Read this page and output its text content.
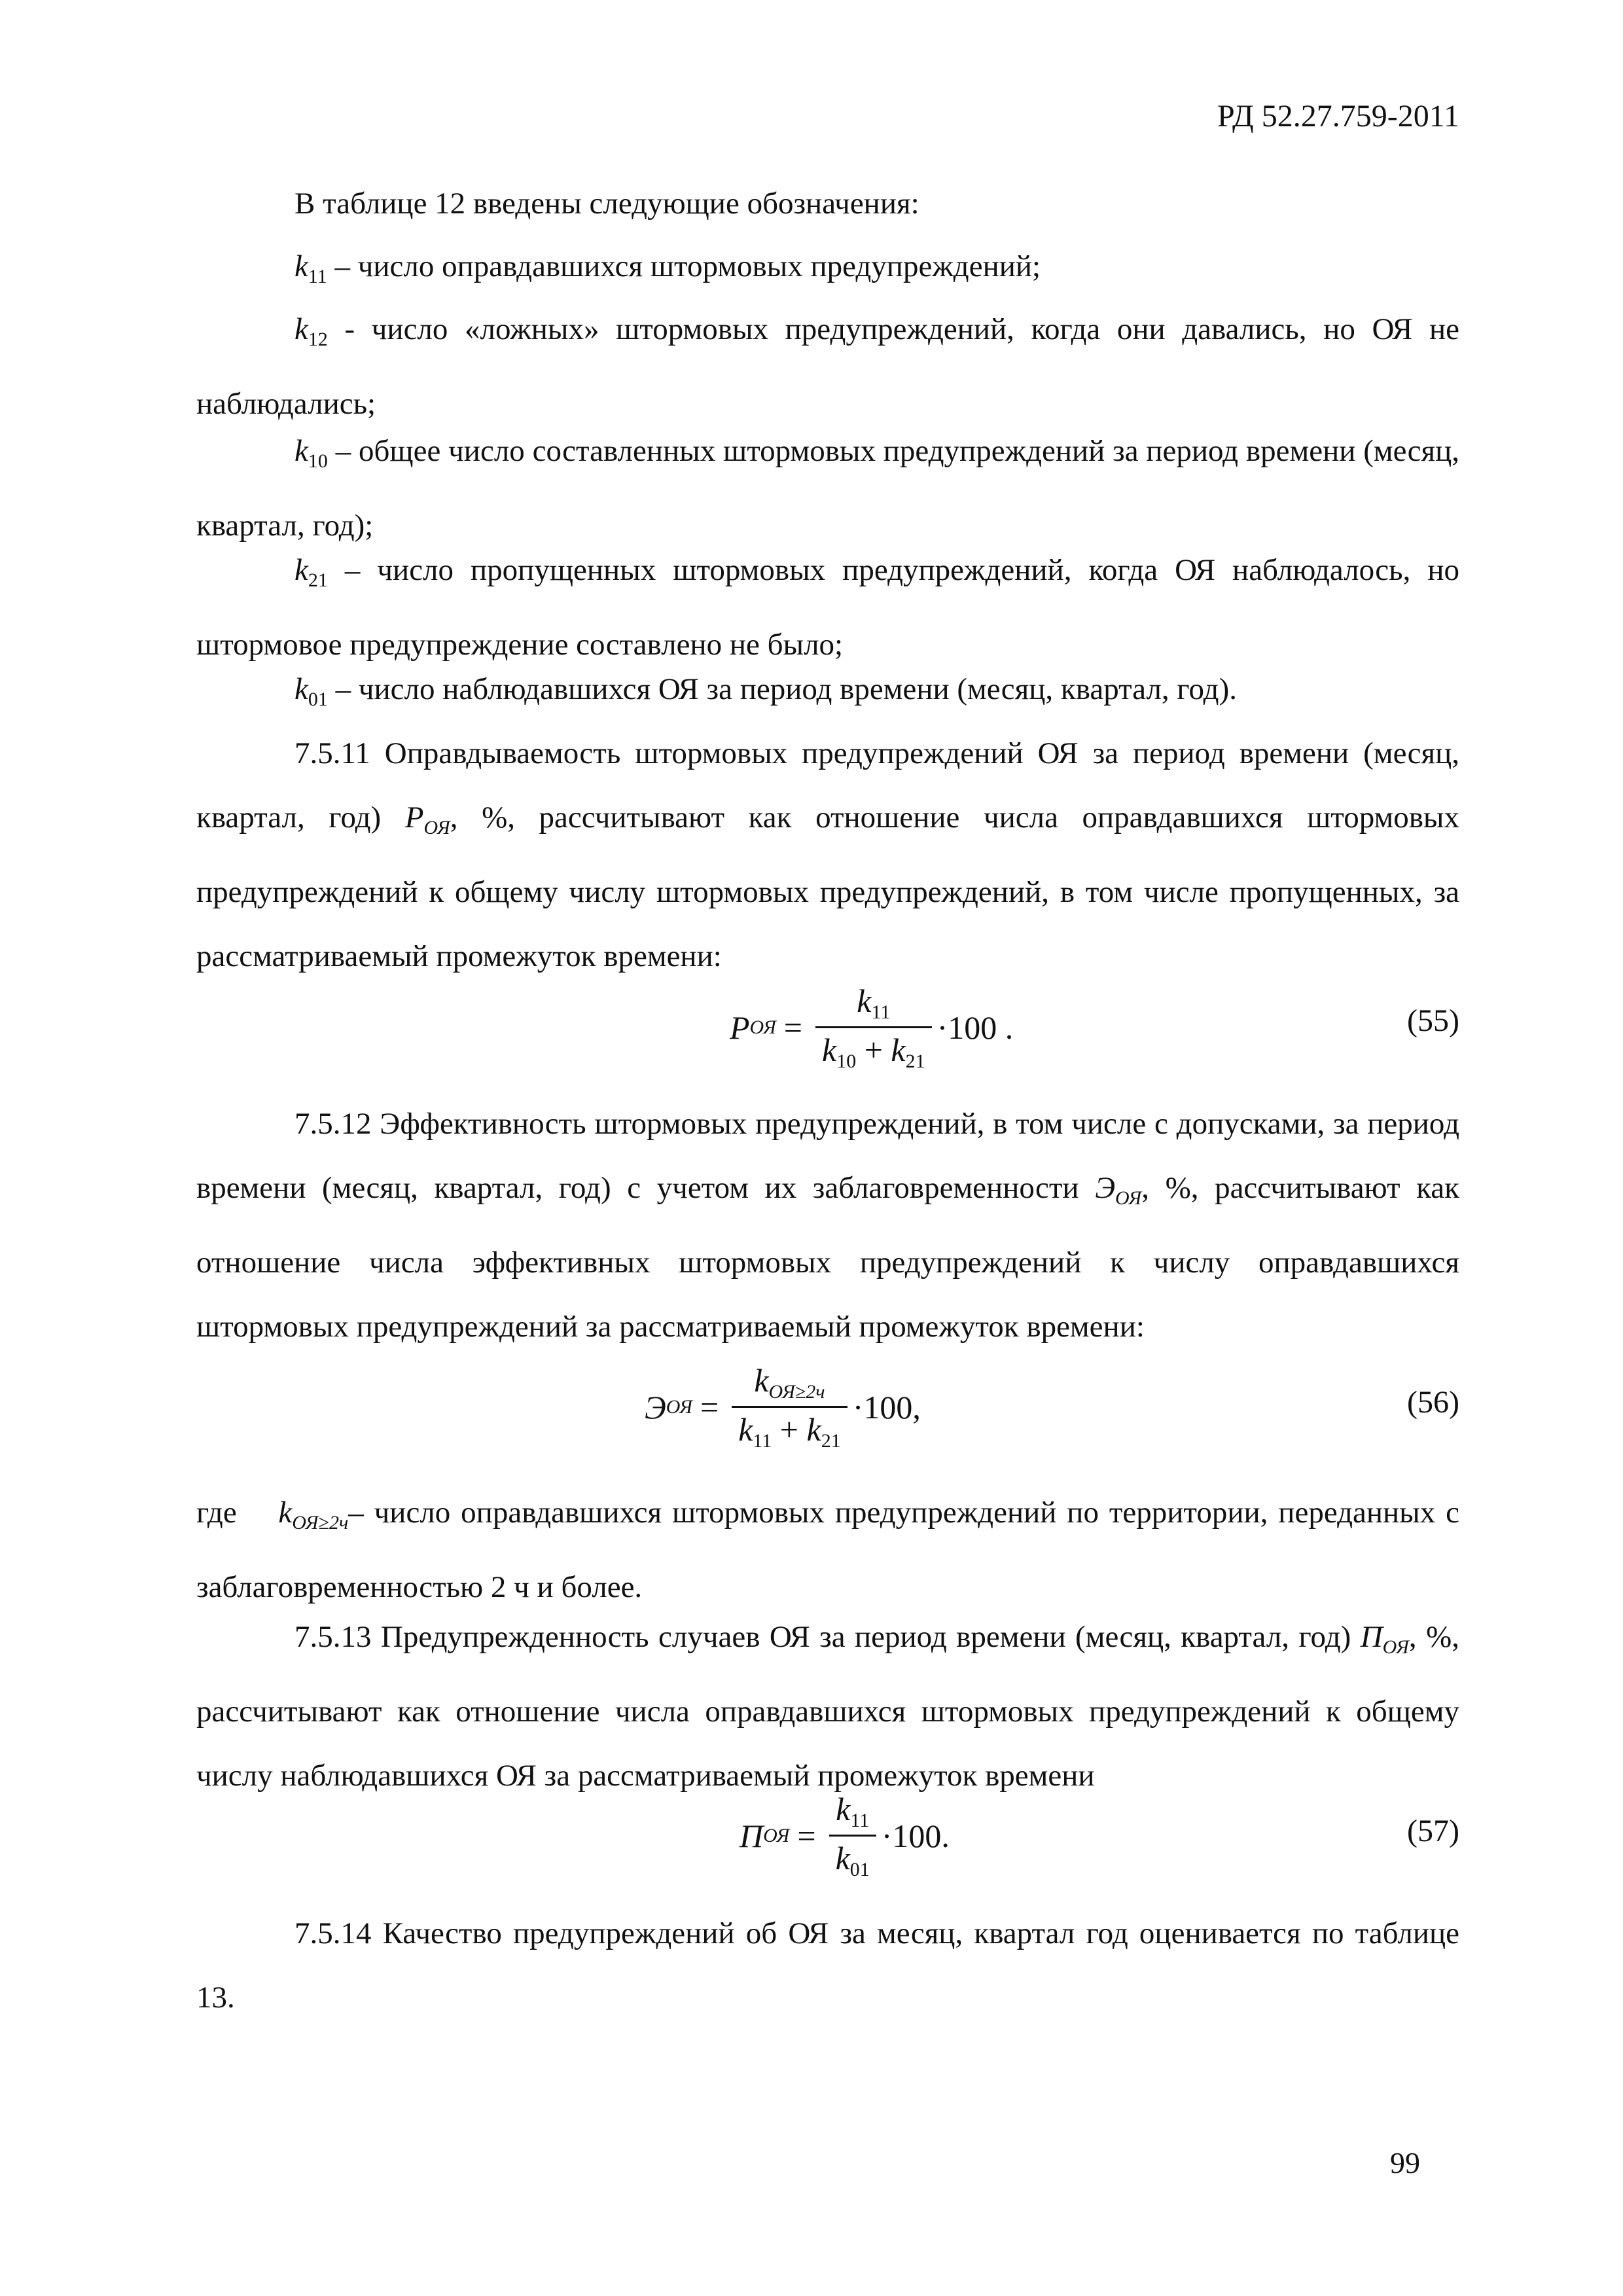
РД 52.27.759-2011

В таблице 12 введены следующие обозначения:

$k_{11}$ – число оправдавшихся штормовых предупреждений;

$k_{12}$ - число «ложных» штормовых предупреждений, когда они давались, но ОЯ не наблюдались;

$k_{10}$ – общее число составленных штормовых предупреждений за период времени (месяц, квартал, год);

$k_{21}$ – число пропущенных штормовых предупреждений, когда ОЯ наблюдалось, но штормовое предупреждение составлено не было;

$k_{01}$ – число наблюдавшихся ОЯ за период времени (месяц, квартал, год).

7.5.11 Оправдываемость штормовых предупреждений ОЯ за период времени (месяц, квартал, год) $P_{ОЯ}$, %, рассчитывают как отношение числа оправдавшихся штормовых предупреждений к общему числу штормовых предупреждений, в том числе пропущенных, за рассматриваемый промежуток времени:

P ОЯ = $\frac{k_{11}}{k_{10} + k_{21}} \cdot 100$ .	(55)

7.5.12 Эффективность штормовых предупреждений, в том числе с допусками, за период времени (месяц, квартал, год) с учетом их заблаговременности $Э_{ОЯ}$, %, рассчитывают как отношение числа эффективных штормовых предупреждений к числу оправдавшихся штормовых предупреждений за рассматриваемый промежуток времени:

Э ОЯ = $\frac{k_{ОЯ\ge 2ч}}{k_{11} + k_{21}} \cdot 100$,	(56)

где $k_{ОЯ\ge 2ч}-$ число оправдавшихся штормовых предупреждений по территории, переданных с заблаговременностью 2 ч и более.

7.5.13 Предупрежденность случаев ОЯ за период времени (месяц, квартал, год) $П_{ОЯ}$, %, рассчитывают как отношение числа оправдавшихся штормовых предупреждений к общему числу наблюдавшихся ОЯ за рассматриваемый промежуток времени

П ОЯ = $\frac{k_{11}}{k_{01}} \cdot 100$.	(57)

7.5.14 Качество предупреждений об ОЯ за месяц, квартал год оценивается по таблице 13.

99
